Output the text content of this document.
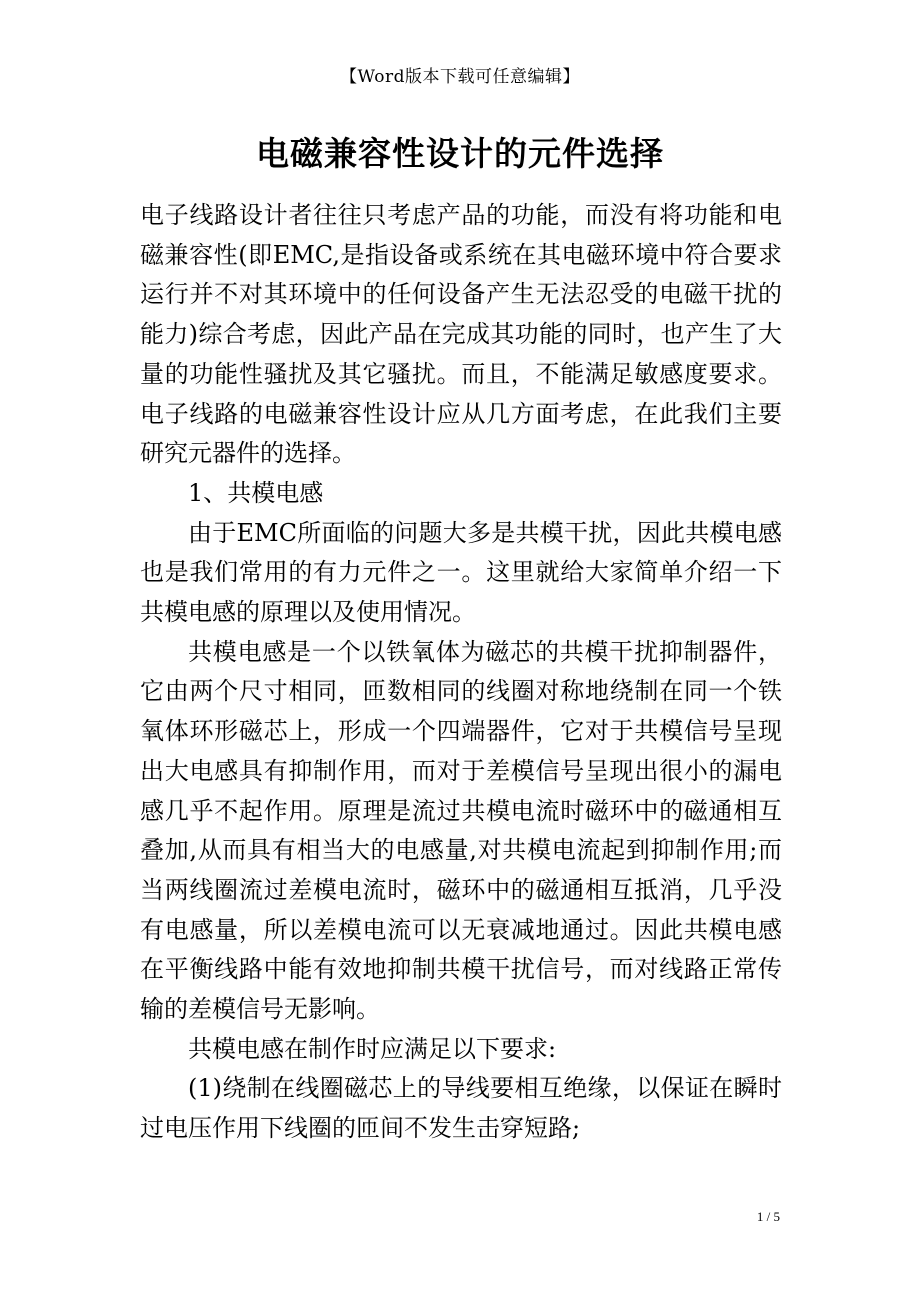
【Word版本下载可任意编辑】
电磁兼容性设计的元件选择

电子线路设计者往往只考虑产品的功能，而没有将功能和电磁兼容性(即EMC,是指设备或系统在其电磁环境中符合要求运行并不对其环境中的任何设备产生无法忍受的电磁干扰的能力)综合考虑，因此产品在完成其功能的同时，也产生了大量的功能性骚扰及其它骚扰。而且，不能满足敏感度要求。电子线路的电磁兼容性设计应从几方面考虑，在此我们主要研究元器件的选择。

1、共模电感

由于EMC所面临的问题大多是共模干扰，因此共模电感也是我们常用的有力元件之一。这里就给大家简单介绍一下共模电感的原理以及使用情况。

共模电感是一个以铁氧体为磁芯的共模干扰抑制器件，它由两个尺寸相同，匝数相同的线圈对称地绕制在同一个铁氧体环形磁芯上，形成一个四端器件，它对于共模信号呈现出大电感具有抑制作用，而对于差模信号呈现出很小的漏电感几乎不起作用。原理是流过共模电流时磁环中的磁通相互叠加,从而具有相当大的电感量,对共模电流起到抑制作用;而当两线圈流过差模电流时，磁环中的磁通相互抵消，几乎没有电感量，所以差模电流可以无衰减地通过。因此共模电感在平衡线路中能有效地抑制共模干扰信号，而对线路正常传输的差模信号无影响。

共模电感在制作时应满足以下要求:

(1)绕制在线圈磁芯上的导线要相互绝缘，以保证在瞬时过电压作用下线圈的匝间不发生击穿短路;

1 / 5
